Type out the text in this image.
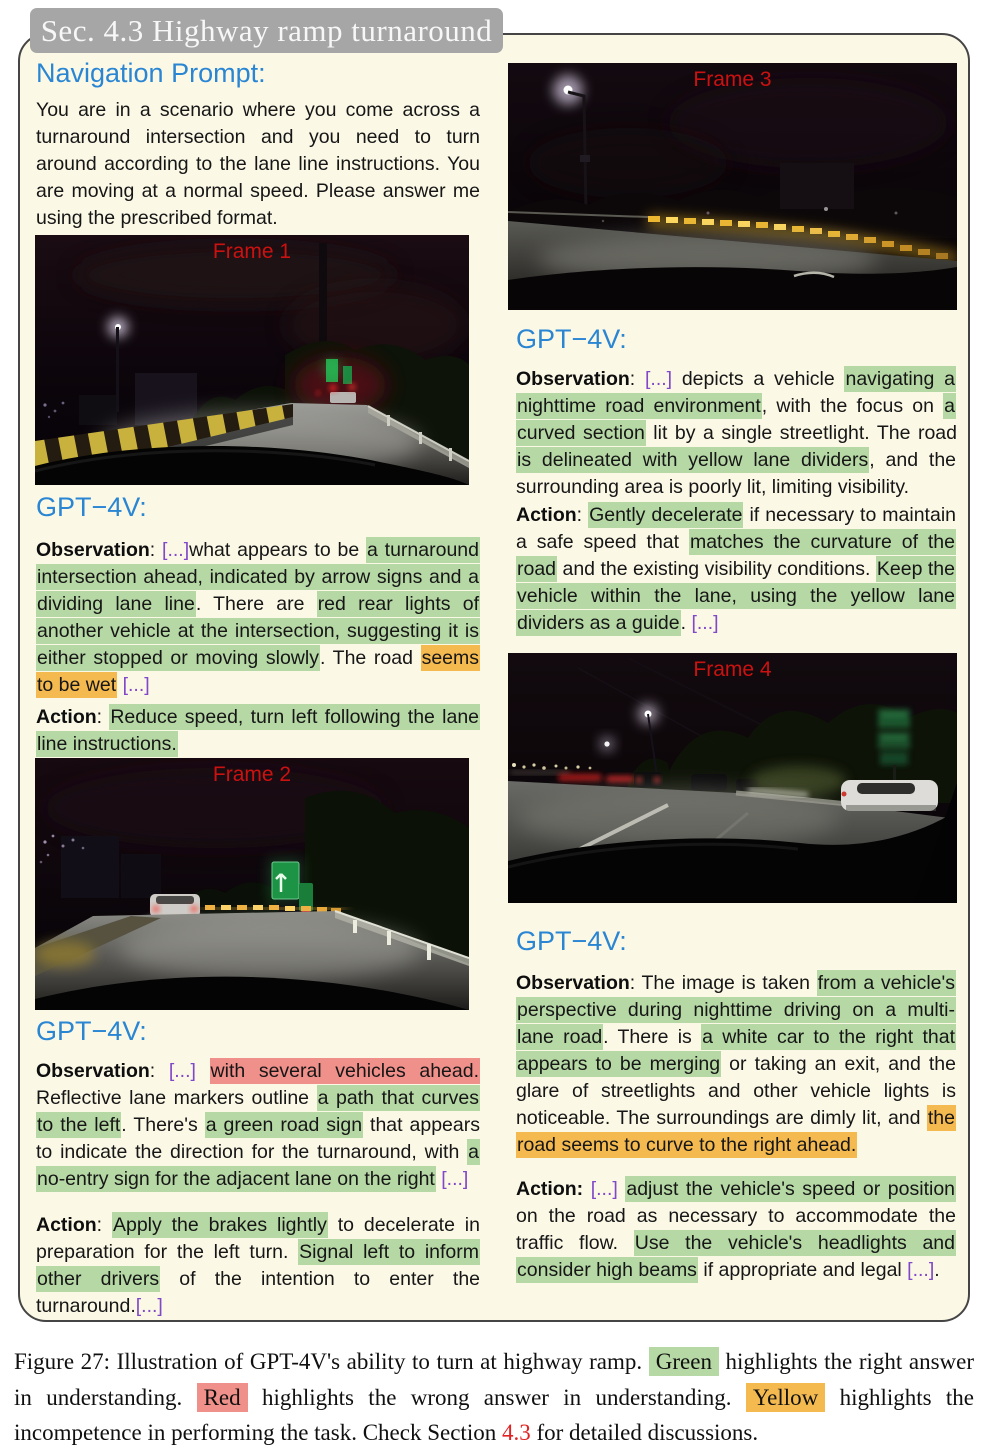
Sec. 4.3 Highway ramp turnaround
Navigation Prompt:
You are in a scenario where you come across a turnaround intersection and you need to turn around according to the lane line instructions. You are moving at a normal speed. Please answer me using the prescribed format.
Frame 1
GPT−4V:
Observation: [...]what appears to be a turnaround intersection ahead, indicated by arrow signs and a dividing lane line. There are red rear lights of another vehicle at the intersection, suggesting it is either stopped or moving slowly. The road seems to be wet [...]
Action: Reduce speed, turn left following the lane line instructions.
Frame 2
GPT−4V:
Observation: [...] with several vehicles ahead. Reflective lane markers outline a path that curves to the left. There's a green road sign that appears to indicate the direction for the turnaround, with a no-entry sign for the adjacent lane on the right [...]
Action: Apply the brakes lightly to decelerate in preparation for the left turn. Signal left to inform other drivers of the intention to enter the turnaround.[...]
Frame 3
GPT−4V:
Observation: [...] depicts a vehicle navigating a nighttime road environment, with the focus on a curved section lit by a single streetlight. The road is delineated with yellow lane dividers, and the surrounding area is poorly lit, limiting visibility.
Action: Gently decelerate if necessary to maintain a safe speed that matches the curvature of the road and the existing visibility conditions. Keep the vehicle within the lane, using the yellow lane dividers as a guide. [...]
Frame 4
GPT−4V:
Observation: The image is taken from a vehicle's perspective during nighttime driving on a multi-lane road. There is a white car to the right that appears to be merging or taking an exit, and the glare of streetlights and other vehicle lights is noticeable. The surroundings are dimly lit, and the road seems to curve to the right ahead.
Action: [...] adjust the vehicle's speed or position on the road as necessary to accommodate the traffic flow. Use the vehicle's headlights and consider high beams if appropriate and legal [...].
Figure 27: Illustration of GPT-4V's ability to turn at highway ramp. Green highlights the right answer in understanding. Red highlights the wrong answer in understanding. Yellow highlights the incompetence in performing the task. Check Section 4.3 for detailed discussions.
